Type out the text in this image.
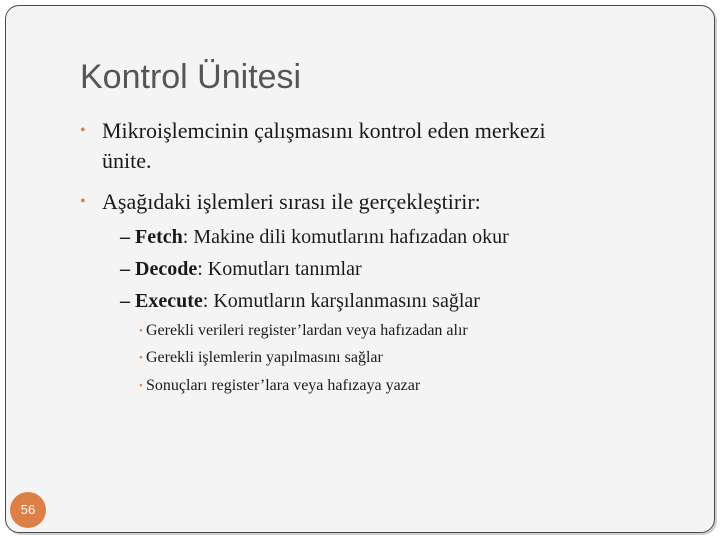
Kontrol Ünitesi
• Mikroişlemcinin çalışmasını kontrol eden merkezi
ünite.
• Aşağıdaki işlemleri sırası ile gerçekleştirir:
– Fetch: Makine dili komutlarını hafızadan okur
– Decode: Komutları tanımlar
– Execute: Komutların karşılanmasını sağlar
• Gerekli verileri register’lardan veya hafızadan alır
• Gerekli işlemlerin yapılmasını sağlar
• Sonuçları register’lara veya hafızaya yazar
56
